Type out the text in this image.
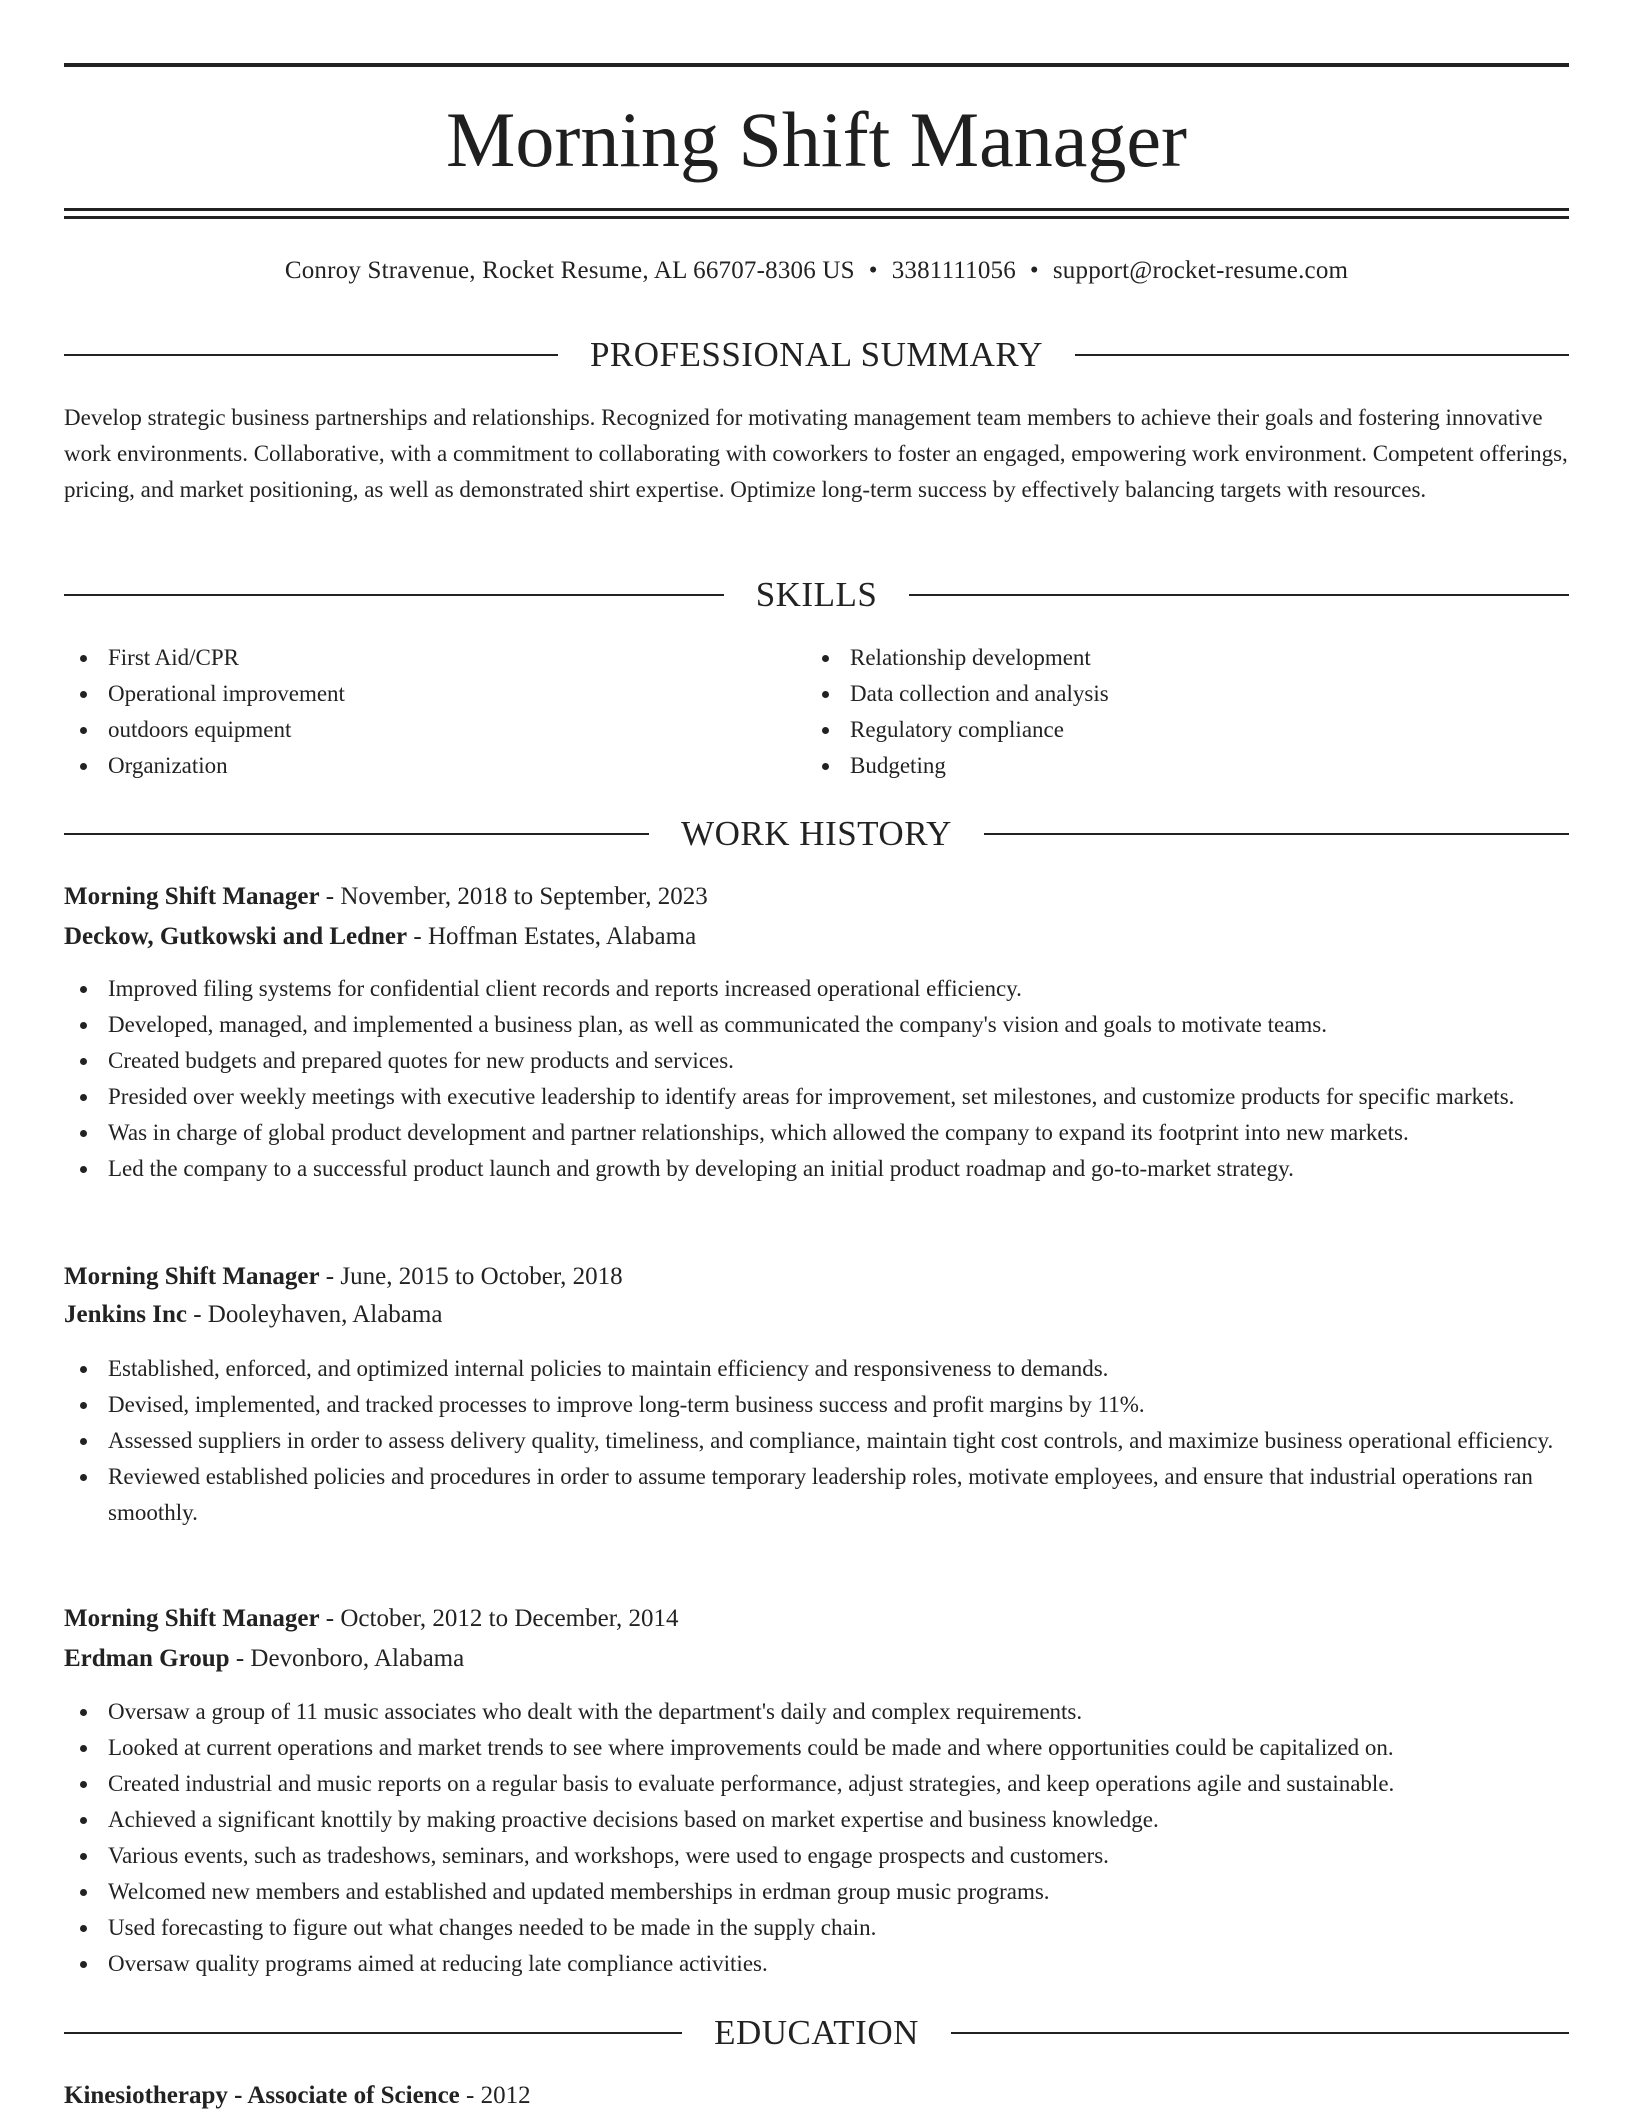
Morning Shift Manager
Conroy Stravenue, Rocket Resume, AL 66707-8306 US • 3381111056 • support@rocket-resume.com
PROFESSIONAL SUMMARY

Develop strategic business partnerships and relationships. Recognized for motivating management team members to achieve their goals and fostering innovative work environments. Collaborative, with a commitment to collaborating with coworkers to foster an engaged, empowering work environment. Competent offerings, pricing, and market positioning, as well as demonstrated shirt expertise. Optimize long-term success by effectively balancing targets with resources.

SKILLS
First Aid/CPR
Operational improvement
outdoors equipment
Organization
Relationship development
Data collection and analysis
Regulatory compliance
Budgeting
WORK HISTORY
Morning Shift Manager - November, 2018 to September, 2023
Deckow, Gutkowski and Ledner - Hoffman Estates, Alabama
Improved filing systems for confidential client records and reports increased operational efficiency.
Developed, managed, and implemented a business plan, as well as communicated the company's vision and goals to motivate teams.
Created budgets and prepared quotes for new products and services.
Presided over weekly meetings with executive leadership to identify areas for improvement, set milestones, and customize products for specific markets.
Was in charge of global product development and partner relationships, which allowed the company to expand its footprint into new markets.
Led the company to a successful product launch and growth by developing an initial product roadmap and go-to-market strategy.
Morning Shift Manager - June, 2015 to October, 2018
Jenkins Inc - Dooleyhaven, Alabama
Established, enforced, and optimized internal policies to maintain efficiency and responsiveness to demands.
Devised, implemented, and tracked processes to improve long-term business success and profit margins by 11%.
Assessed suppliers in order to assess delivery quality, timeliness, and compliance, maintain tight cost controls, and maximize business operational efficiency.
Reviewed established policies and procedures in order to assume temporary leadership roles, motivate employees, and ensure that industrial operations ran smoothly.
Morning Shift Manager - October, 2012 to December, 2014
Erdman Group - Devonboro, Alabama
Oversaw a group of 11 music associates who dealt with the department's daily and complex requirements.
Looked at current operations and market trends to see where improvements could be made and where opportunities could be capitalized on.
Created industrial and music reports on a regular basis to evaluate performance, adjust strategies, and keep operations agile and sustainable.
Achieved a significant knottily by making proactive decisions based on market expertise and business knowledge.
Various events, such as tradeshows, seminars, and workshops, were used to engage prospects and customers.
Welcomed new members and established and updated memberships in erdman group music programs.
Used forecasting to figure out what changes needed to be made in the supply chain.
Oversaw quality programs aimed at reducing late compliance activities.
EDUCATION
Kinesiotherapy - Associate of Science - 2012
